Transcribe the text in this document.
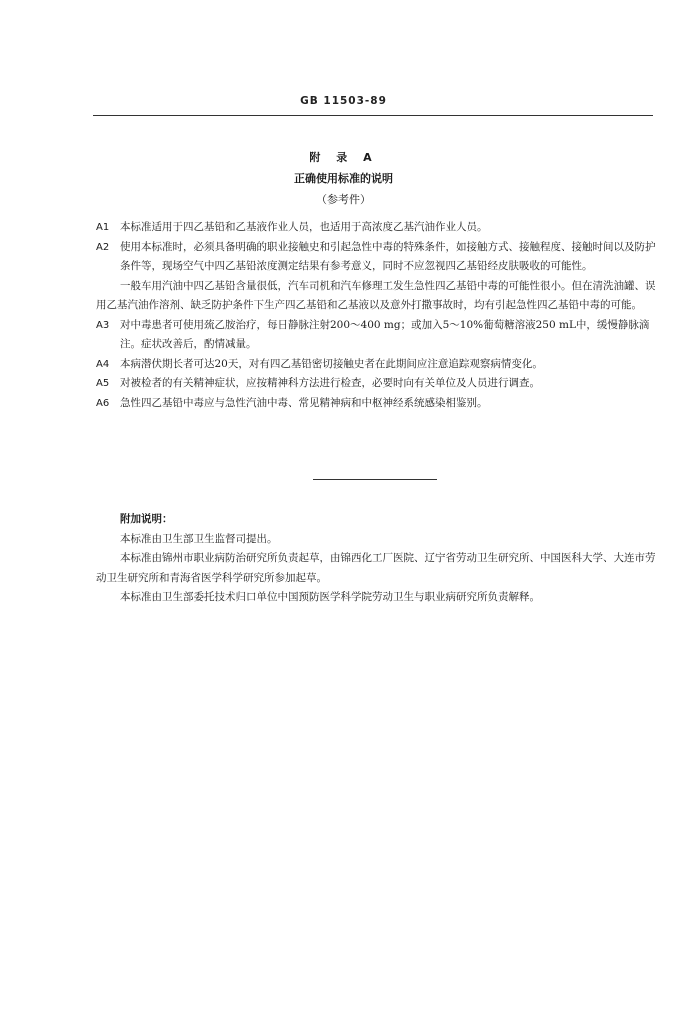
GB 11503-89
附 录 A
正确使用标准的说明
（参考件）
A1	本标准适用于四乙基铅和乙基液作业人员，也适用于高浓度乙基汽油作业人员。
A2	使用本标准时，必须具备明确的职业接触史和引起急性中毒的特殊条件，如接触方式、接触程度、接触时间以及防护条件等，现场空气中四乙基铅浓度测定结果有参考意义，同时不应忽视四乙基铅经皮肤吸收的可能性。
一般车用汽油中四乙基铅含量很低，汽车司机和汽车修理工发生急性四乙基铅中毒的可能性很小。但在清洗油罐、误用乙基汽油作溶剂、缺乏防护条件下生产四乙基铅和乙基液以及意外打撒事故时，均有引起急性四乙基铅中毒的可能。
A3	对中毒患者可使用巯乙胺治疗，每日静脉注射200～400 mg；或加入5～10%葡萄糖溶液250 mL中，缓慢静脉滴注。症状改善后，酌情减量。
A4	本病潜伏期长者可达20天，对有四乙基铅密切接触史者在此期间应注意追踪观察病情变化。
A5	对被检者的有关精神症状，应按精神科方法进行检查，必要时向有关单位及人员进行调查。
A6	急性四乙基铅中毒应与急性汽油中毒、常见精神病和中枢神经系统感染相鉴别。
附加说明：
本标准由卫生部卫生监督司提出。
本标准由锦州市职业病防治研究所负责起草，由锦西化工厂医院、辽宁省劳动卫生研究所、中国医科大学、大连市劳动卫生研究所和青海省医学科学研究所参加起草。
本标准由卫生部委托技术归口单位中国预防医学科学院劳动卫生与职业病研究所负责解释。
